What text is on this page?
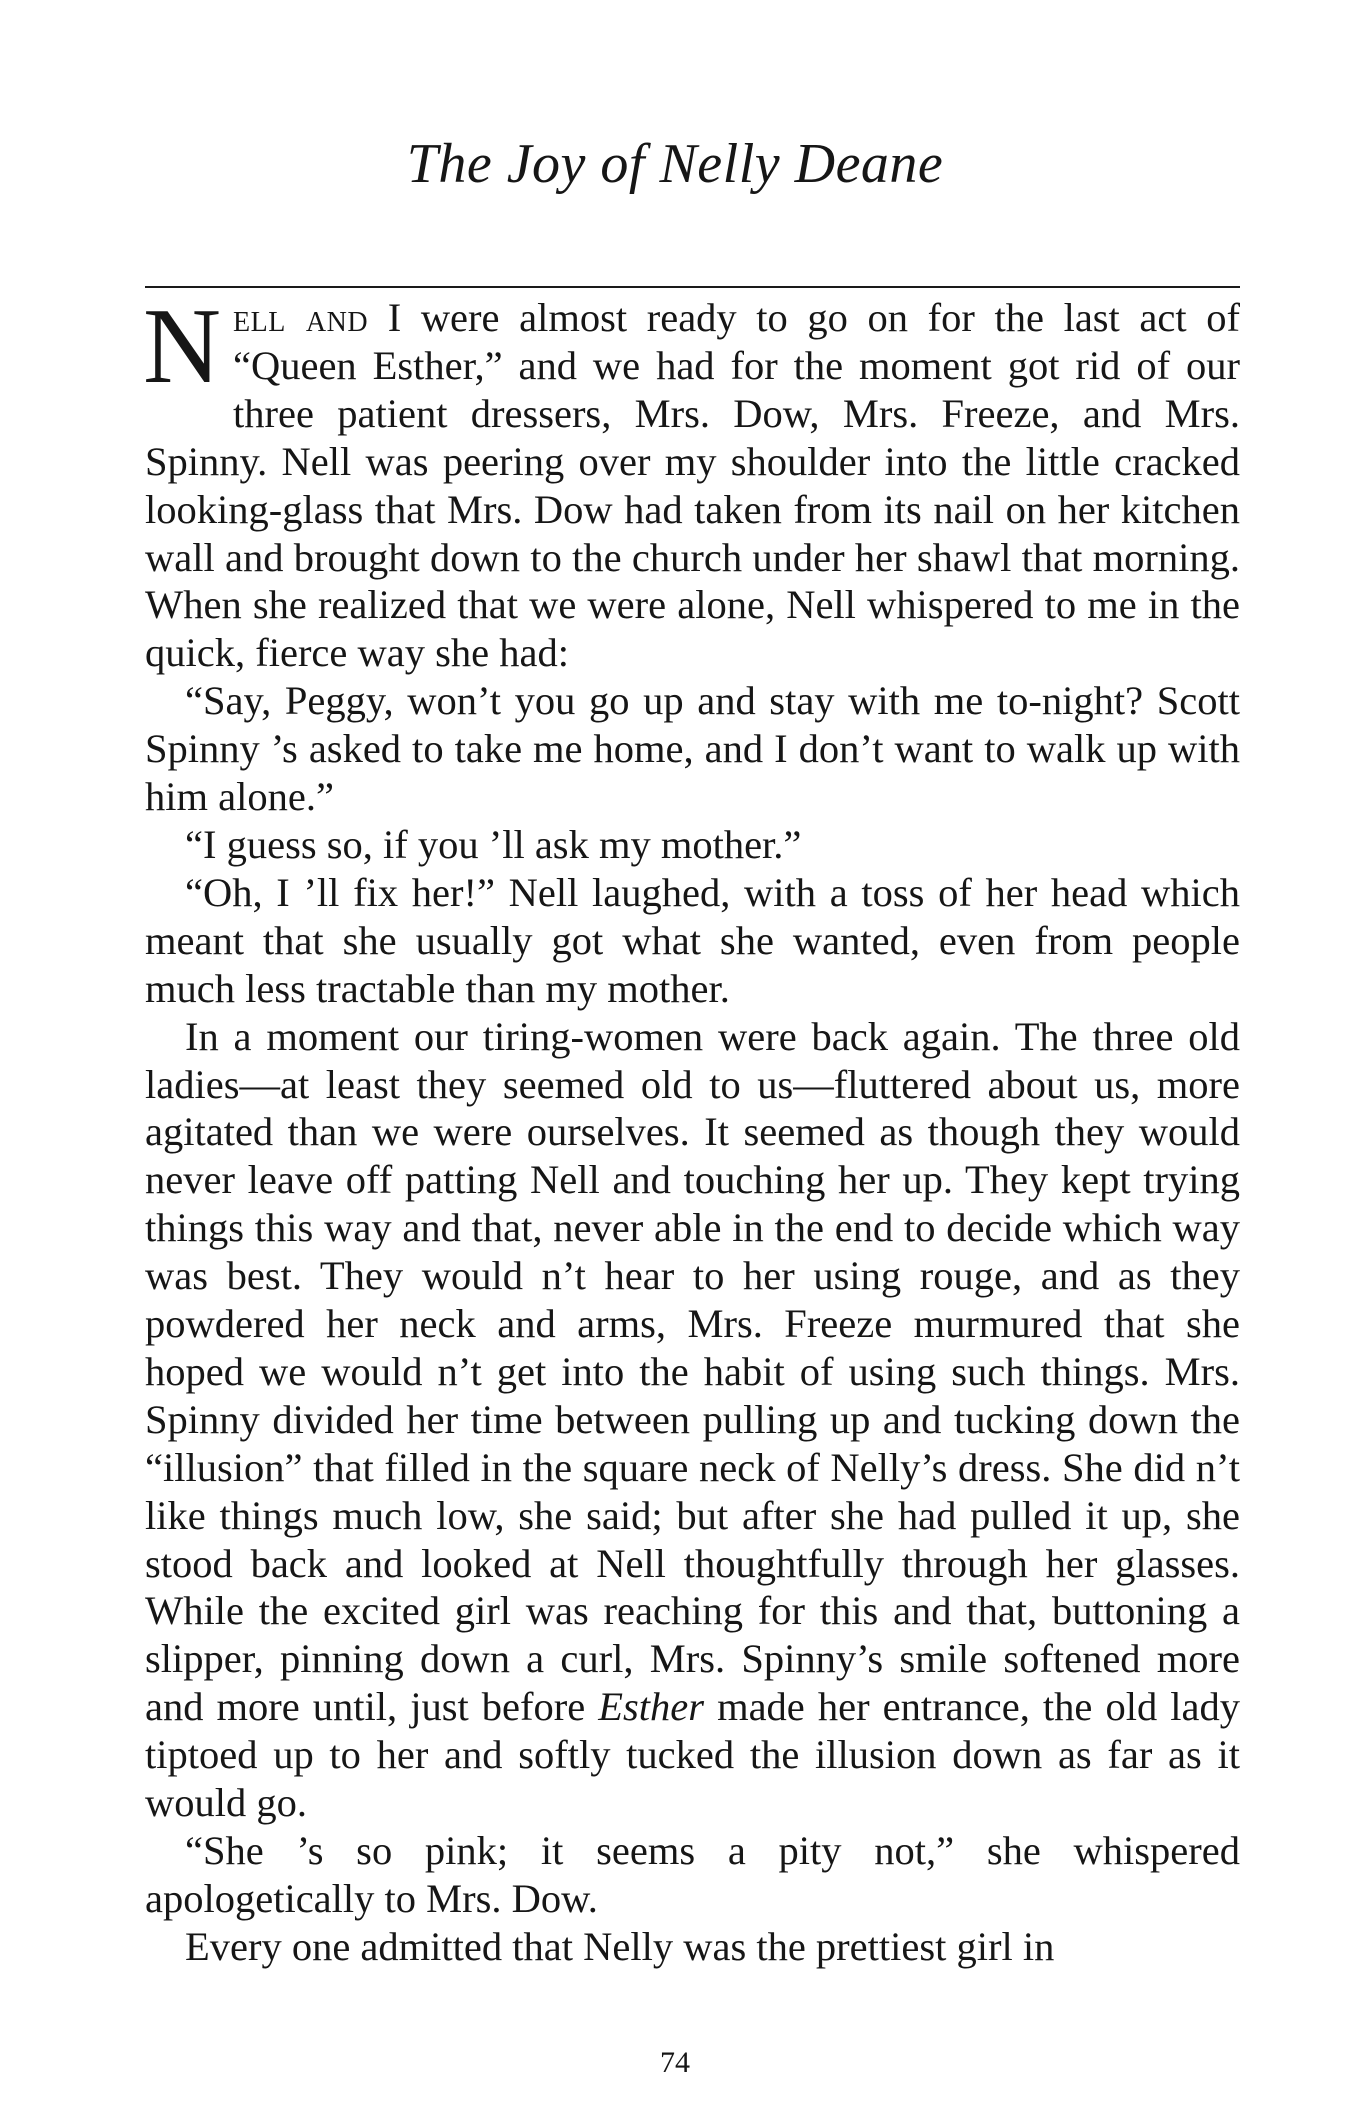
The Joy of Nelly Deane

Nell and I were almost ready to go on for the last act of “Queen Esther,” and we had for the moment got rid of our three patient dressers, Mrs. Dow, Mrs. Freeze, and Mrs. Spinny. Nell was peering over my shoulder into the little cracked looking-glass that Mrs. Dow had taken from its nail on her kitchen wall and brought down to the church under her shawl that morning. When she realized that we were alone, Nell whispered to me in the quick, fierce way she had:

“Say, Peggy, won’t you go up and stay with me to-night? Scott Spinny ’s asked to take me home, and I don’t want to walk up with him alone.”

“I guess so, if you ’ll ask my mother.”

“Oh, I ’ll fix her!” Nell laughed, with a toss of her head which meant that she usually got what she wanted, even from people much less tractable than my mother.

In a moment our tiring-women were back again. The three old ladies—at least they seemed old to us—fluttered about us, more agitated than we were ourselves. It seemed as though they would never leave off patting Nell and touching her up. They kept trying things this way and that, never able in the end to decide which way was best. They would n’t hear to her using rouge, and as they powdered her neck and arms, Mrs. Freeze murmured that she hoped we would n’t get into the habit of using such things. Mrs. Spinny divided her time between pulling up and tucking down the “illusion” that filled in the square neck of Nelly’s dress. She did n’t like things much low, she said; but after she had pulled it up, she stood back and looked at Nell thoughtfully through her glasses. While the excited girl was reaching for this and that, buttoning a slipper, pinning down a curl, Mrs. Spinny’s smile softened more and more until, just before Esther made her entrance, the old lady tiptoed up to her and softly tucked the illusion down as far as it would go.

“She ’s so pink; it seems a pity not,” she whispered apologetically to Mrs. Dow.

Every one admitted that Nelly was the prettiest girl in

74
